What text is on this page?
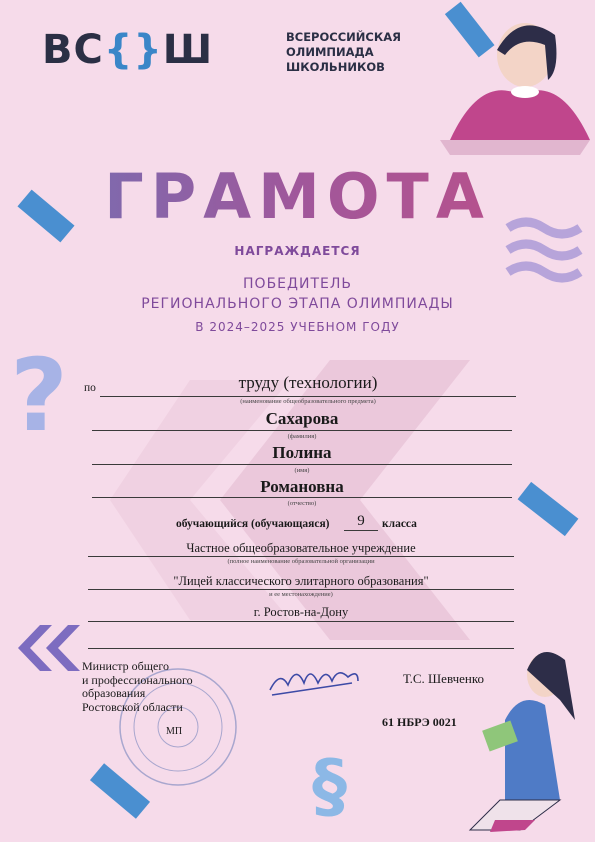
?
§
ВС{}Ш	ВСЕРОССИЙСКАЯ
ОЛИМПИАДА
ШКОЛЬНИКОВ
ГРАМОТА
НАГРАЖДАЕТСЯ
ПОБЕДИТЕЛЬ
РЕГИОНАЛЬНОГО ЭТАПА ОЛИМПИАДЫ
В 2024–2025 УЧЕБНОМ ГОДУ
по	труду (технологии)
(наименование общеобразовательного предмета)
Сахарова
(фамилия)
Полина
(имя)
Романовна
(отчество)
обучающийся (обучающаяся)	9	класса
Частное общеобразовательное учреждение
(полное наименование образовательной организации
"Лицей классического элитарного образования"
и ее местонахождение)
г. Ростов-на-Дону
Министр общего
и профессионального
образования
Ростовской области
МП
Т.С. Шевченко
61 НБРЭ 0021
